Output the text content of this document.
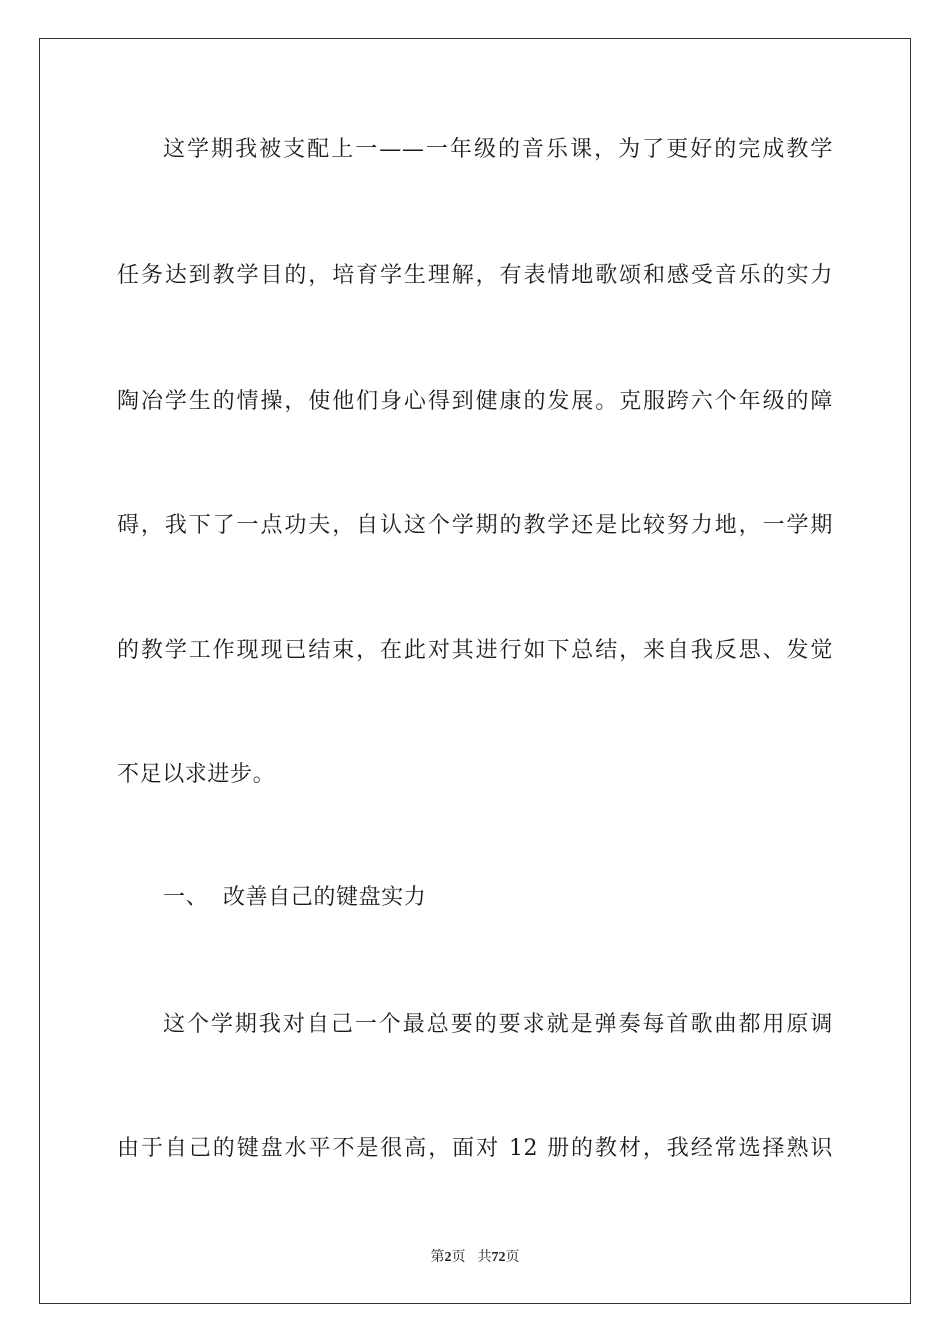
这学期我被支配上一——一年级的音乐课，为了更好的完成教学
任务达到教学目的，培育学生理解，有表情地歌颂和感受音乐的实力
陶冶学生的情操，使他们身心得到健康的发展。克服跨六个年级的障
碍，我下了一点功夫，自认这个学期的教学还是比较努力地，一学期
的教学工作现现已结束，在此对其进行如下总结，来自我反思、发觉
不足以求进步。
一、 改善自己的键盘实力
这个学期我对自己一个最总要的要求就是弹奏每首歌曲都用原调
由于自己的键盘水平不是很高，面对 12 册的教材，我经常选择熟识
第2页 共72页
